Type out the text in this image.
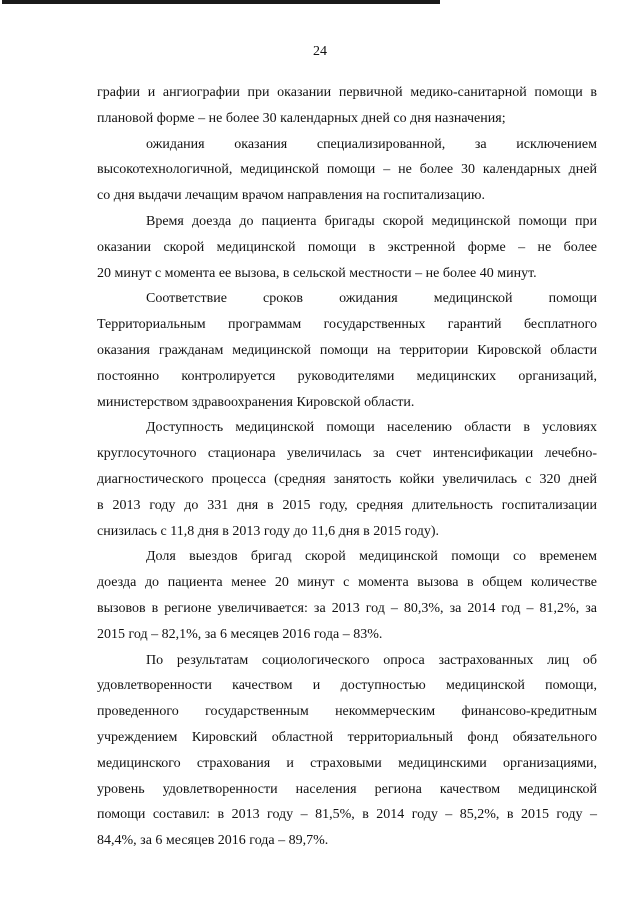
24
графии и ангиографии при оказании первичной медико-санитарной помощи в
плановой форме – не более 30 календарных дней со дня назначения;
ожидания оказания специализированной, за исключением
высокотехнологичной, медицинской помощи – не более 30 календарных дней
со дня выдачи лечащим врачом направления на госпитализацию.
Время доезда до пациента бригады скорой медицинской помощи при
оказании скорой медицинской помощи в экстренной форме – не более
20 минут с момента ее вызова, в сельской местности – не более 40 минут.
Соответствие сроков ожидания медицинской помощи
Территориальным программам государственных гарантий бесплатного
оказания гражданам медицинской помощи на территории Кировской области
постоянно контролируется руководителями медицинских организаций,
министерством здравоохранения Кировской области.
Доступность медицинской помощи населению области в условиях
круглосуточного стационара увеличилась за счет интенсификации лечебно-
диагностического процесса (средняя занятость койки увеличилась с 320 дней
в 2013 году до 331 дня в 2015 году, средняя длительность госпитализации
снизилась с 11,8 дня в 2013 году до 11,6 дня в 2015 году).
Доля выездов бригад скорой медицинской помощи со временем
доезда до пациента менее 20 минут с момента вызова в общем количестве
вызовов в регионе увеличивается: за 2013 год – 80,3%, за 2014 год – 81,2%, за
2015 год – 82,1%, за 6 месяцев 2016 года – 83%.
По результатам социологического опроса застрахованных лиц об
удовлетворенности качеством и доступностью медицинской помощи,
проведенного государственным некоммерческим финансово-кредитным
учреждением Кировский областной территориальный фонд обязательного
медицинского страхования и страховыми медицинскими организациями,
уровень удовлетворенности населения региона качеством медицинской
помощи составил: в 2013 году – 81,5%, в 2014 году – 85,2%, в 2015 году –
84,4%, за 6 месяцев 2016 года – 89,7%.
